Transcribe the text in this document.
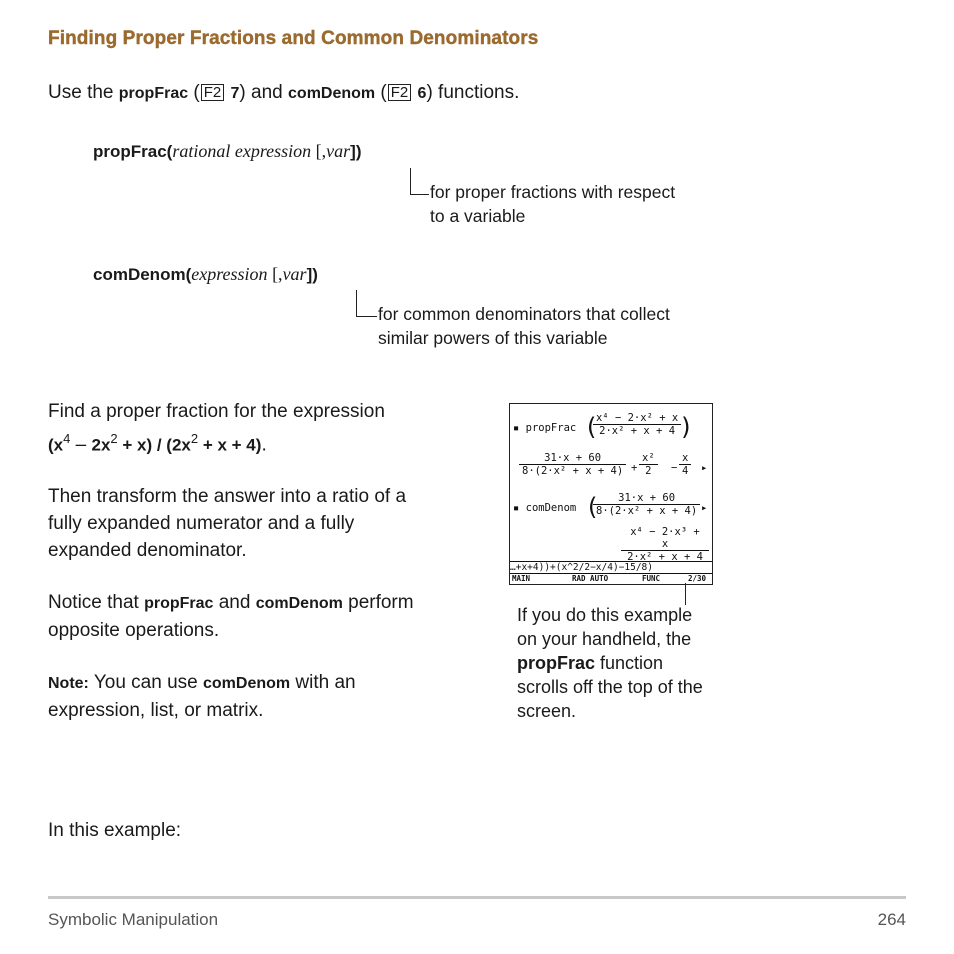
Finding Proper Fractions and Common Denominators
Use the propFrac ( F2 7) and comDenom ( F2 6) functions.
propFrac(rational expression [,var])
for proper fractions with respect
to a variable
comDenom(expression [,var])
for common denominators that collect
similar powers of this variable
Find a proper fraction for the expression
$(x^4 - 2x^2 + x) / (2x^2 + x + 4)$.
Then transform the answer into a ratio of a
fully expanded numerator and a fully
expanded denominator.
Notice that propFrac and comDenom perform
opposite operations.
Note: You can use comDenom with an
expression, list, or matrix.
▪ propFrac (
$\frac{\text{x⁴ − 2·x² + x}}{\text{2·x² + x + 4}}$
)
$\frac{31\cdot x + 60}{\text{8·(2·x² + x + 4)}} + \frac{\text{x²}}{2} - \frac{x}{4}$ ▸
▪ comDenom (
$\frac{31\cdot x + 60}{\text{8·(2·x² + x + 4)}}$ ▸
$\frac{\text{x⁴ − 2·x³ + x}}{\text{2·x² + x + 4}}$
…+x+4))+(x^2/2−x/4)−15/8)
MAIN	RAD AUTO	FUNC	2/30
If you do this example
on your handheld, the
propFrac function
scrolls off the top of the
screen.
In this example:
Symbolic Manipulation	264
